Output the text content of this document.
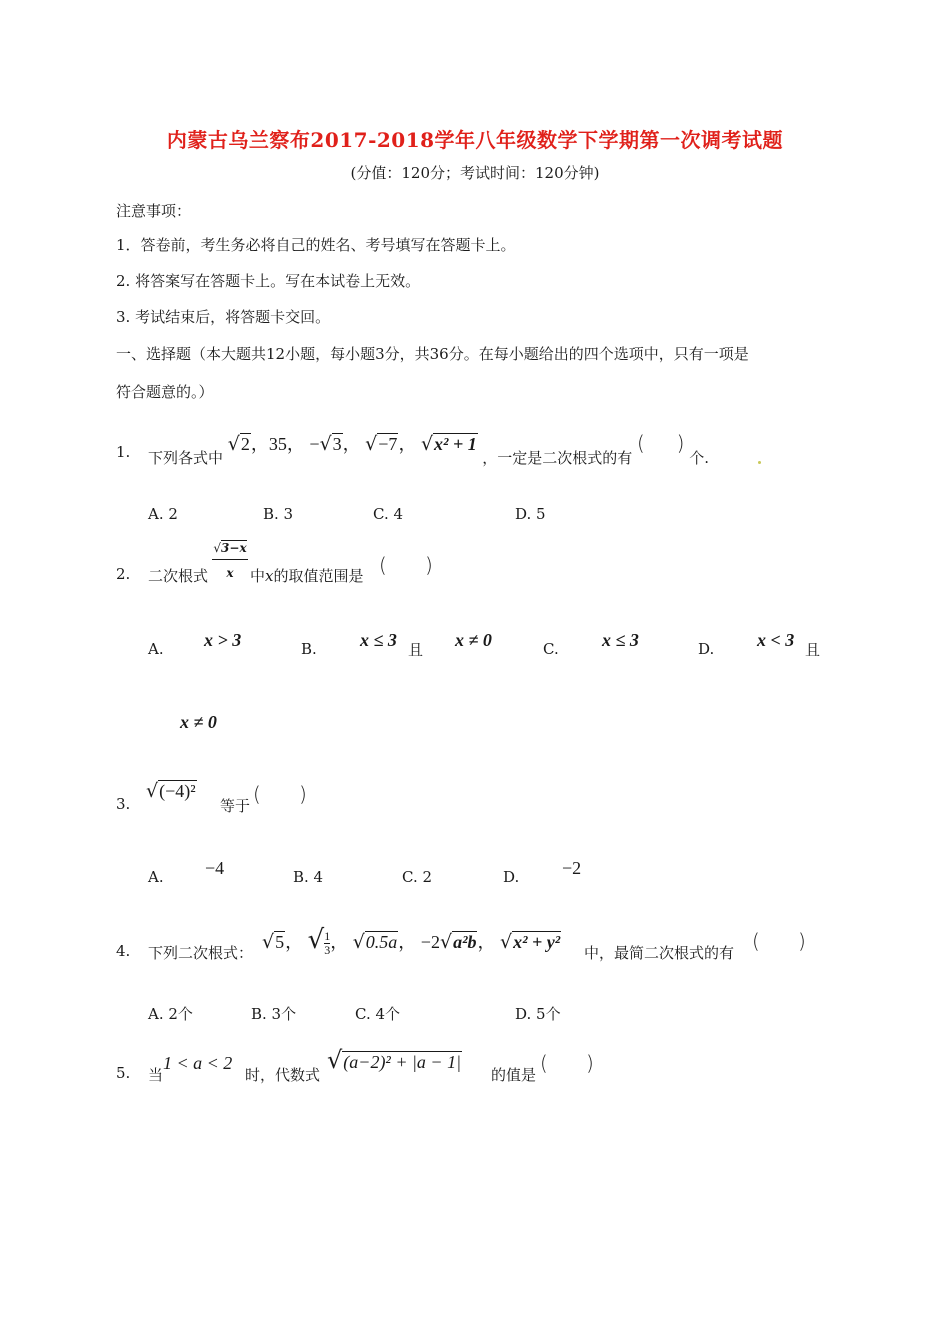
内蒙古乌兰察布2017-2018学年八年级数学下学期第一次调考试题
(分值：120分；考试时间：120分钟)
注意事项：
1．答卷前，考生务必将自己的姓名、考号填写在答题卡上。
2. 将答案写在答题卡上。写在本试卷上无效。
3. 考试结束后，将答题卡交回。
一、选择题（本大题共12小题，每小题3分，共36分。在每小题给出的四个选项中，只有一项是
符合题意的。）
1. 下列各式中 √2，35， −√3， √−7， √x² + 1 ，一定是二次根式的有 (     ) 个.
A. 2	B. 3	C. 4	D. 5
2. 二次根式
√3−x
x	中x的取值范围是 (      )
A. x > 3	B. x ≤ 3 且 x ≠ 0	C. x ≤ 3	D. x < 3 且
x ≠ 0
3.
√(−4)²
等于 (      )
A. −4	B. 4	C. 2	D. −2
4. 下列二次根式： √5， √ $\frac{1}{3}$， √0.5a， −2√a²b， √x² + y²
中，最简二次根式的有 (      )
A. 2个	B. 3个	C. 4个	D. 5个
5. 当
1 < a < 2
时，代数式
√(a−2)² + |a − 1|
的值是 (      )
